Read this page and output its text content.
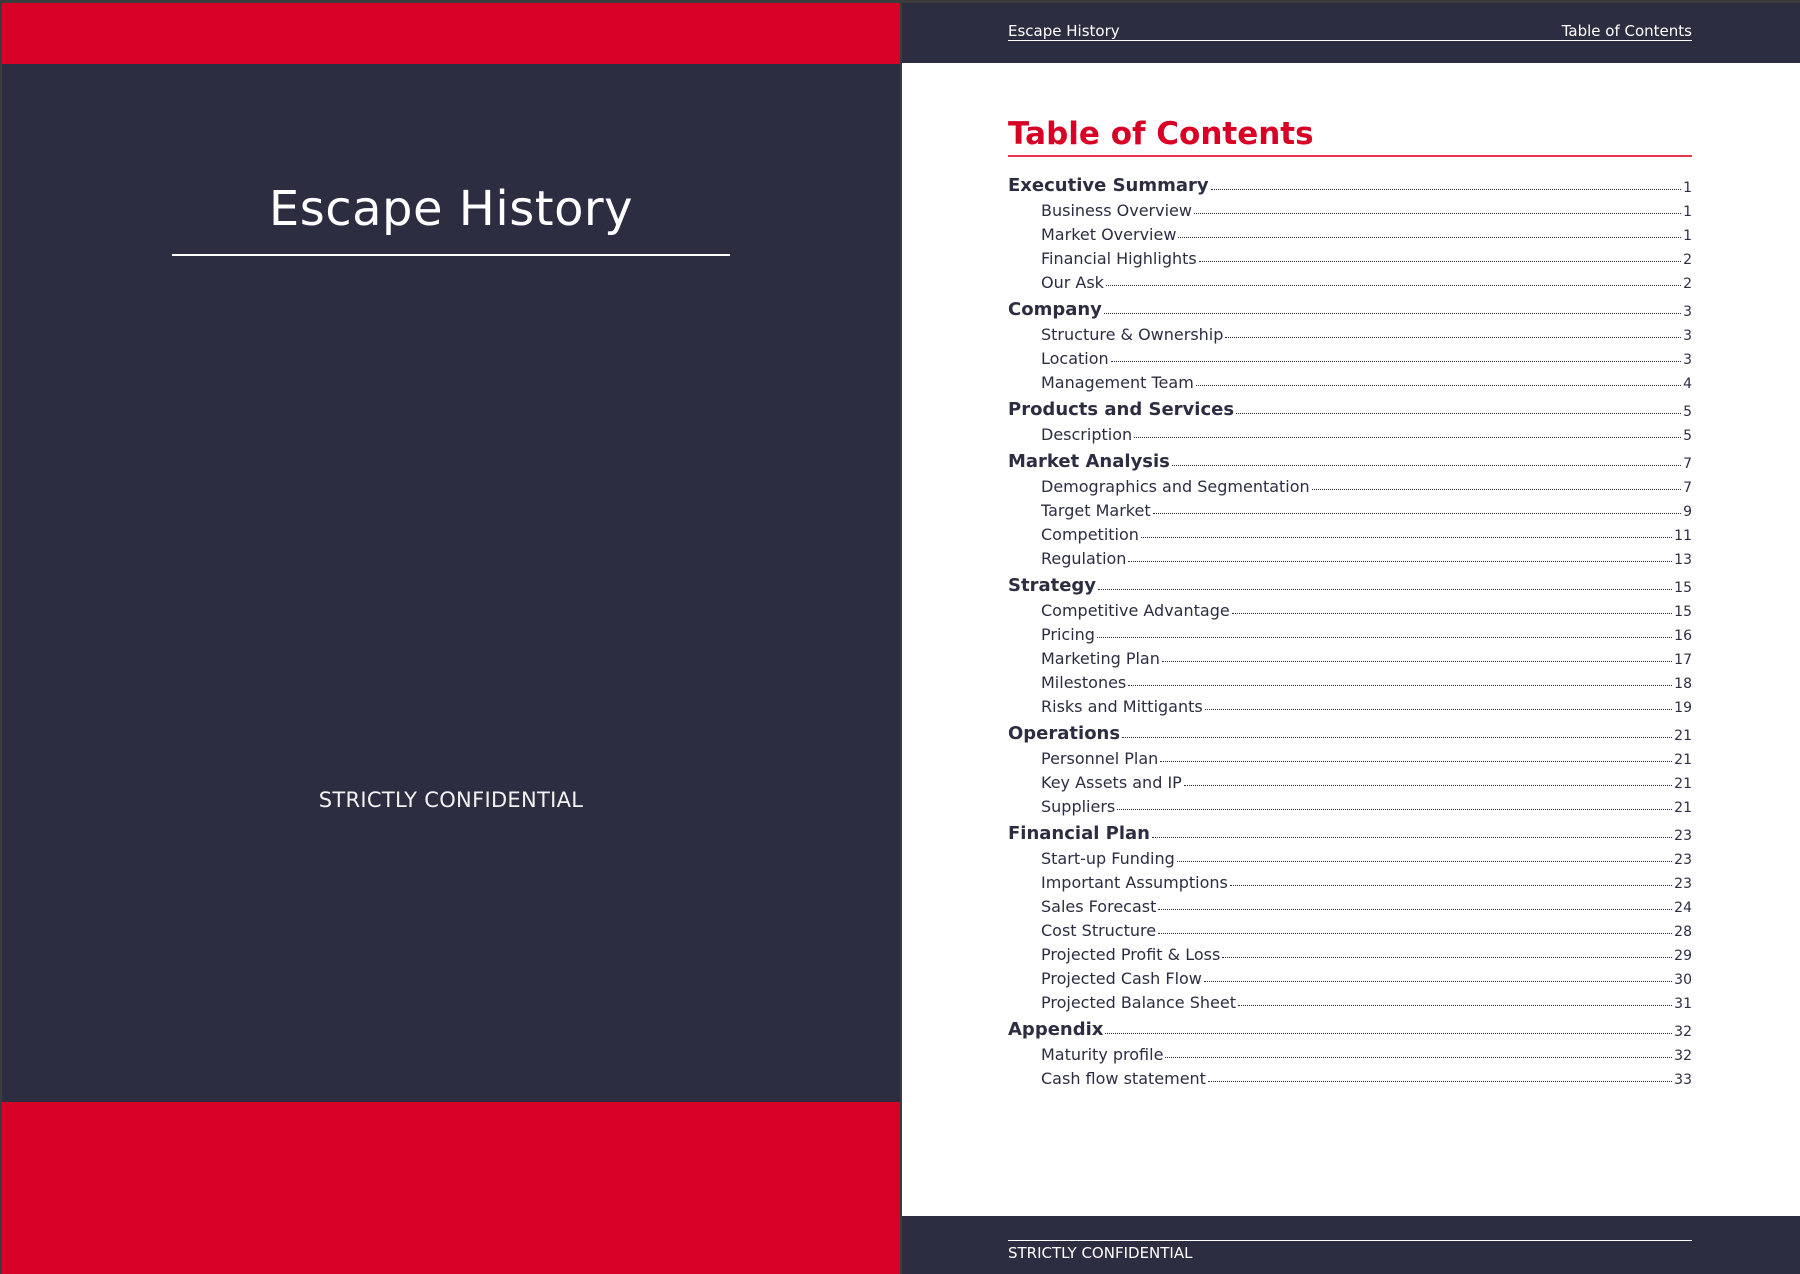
Escape History
STRICTLY CONFIDENTIAL
Escape History	Table of Contents
Table of Contents
Executive Summary	1
Business Overview	1
Market Overview	1
Financial Highlights	2
Our Ask	2
Company	3
Structure & Ownership	3
Location	3
Management Team	4
Products and Services	5
Description	5
Market Analysis	7
Demographics and Segmentation	7
Target Market	9
Competition	11
Regulation	13
Strategy	15
Competitive Advantage	15
Pricing	16
Marketing Plan	17
Milestones	18
Risks and Mittigants	19
Operations	21
Personnel Plan	21
Key Assets and IP	21
Suppliers	21
Financial Plan	23
Start-up Funding	23
Important Assumptions	23
Sales Forecast	24
Cost Structure	28
Projected Profit & Loss	29
Projected Cash Flow	30
Projected Balance Sheet	31
Appendix	32
Maturity profile	32
Cash flow statement	33
STRICTLY CONFIDENTIAL
